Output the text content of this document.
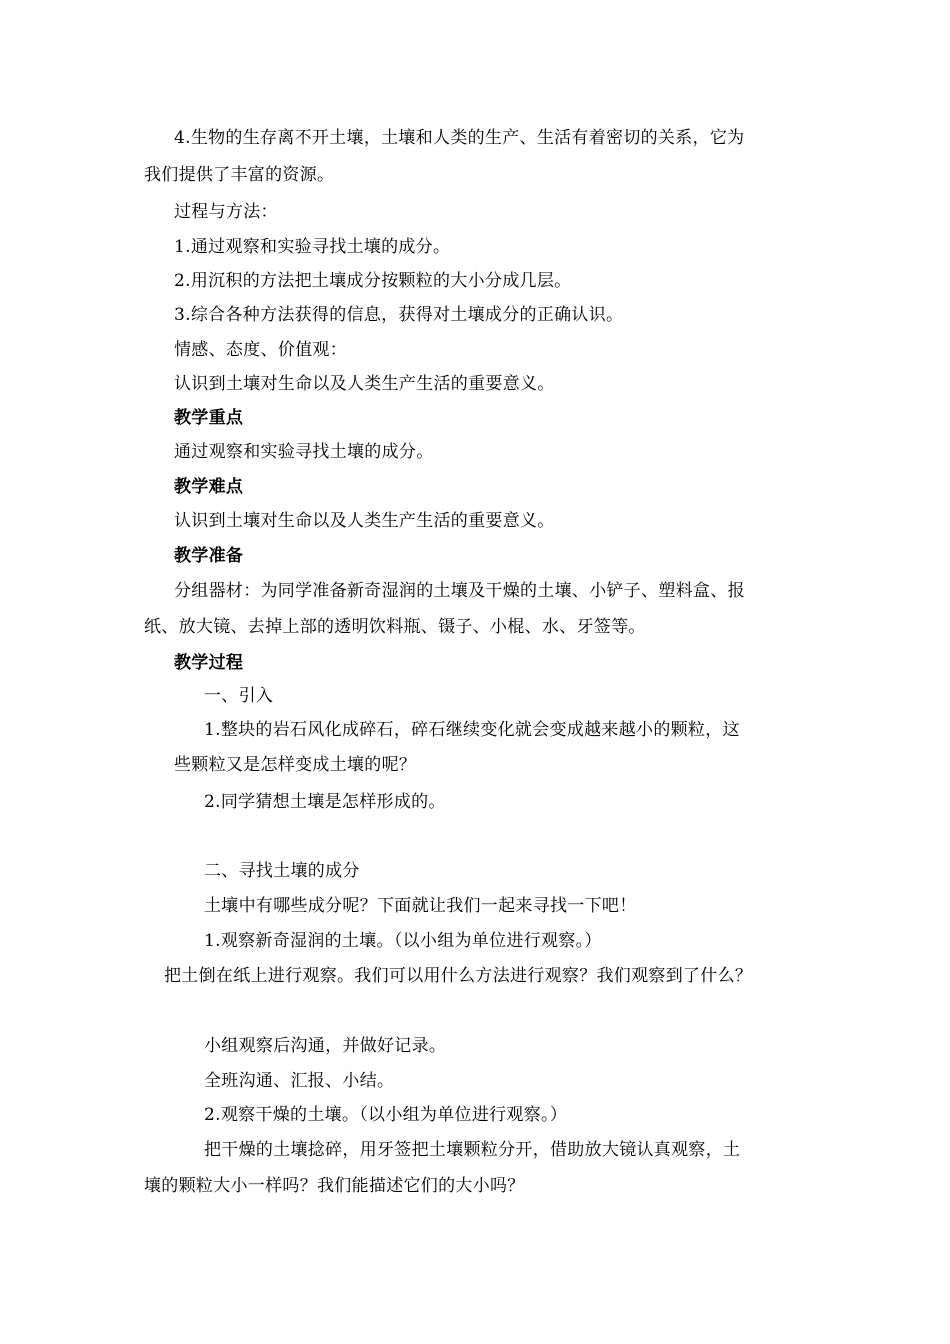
4.生物的生存离不开土壤，土壤和人类的生产、生活有着密切的关系，它为
我们提供了丰富的资源。
过程与方法：
1.通过观察和实验寻找土壤的成分。
2.用沉积的方法把土壤成分按颗粒的大小分成几层。
3.综合各种方法获得的信息，获得对土壤成分的正确认识。
情感、态度、价值观：
认识到土壤对生命以及人类生产生活的重要意义。
教学重点
通过观察和实验寻找土壤的成分。
教学难点
认识到土壤对生命以及人类生产生活的重要意义。
教学准备
分组器材：为同学准备新奇湿润的土壤及干燥的土壤、小铲子、塑料盒、报
纸、放大镜、去掉上部的透明饮料瓶、镊子、小棍、水、牙签等。
教学过程
一、引入
1.整块的岩石风化成碎石，碎石继续变化就会变成越来越小的颗粒，这
些颗粒又是怎样变成土壤的呢？
2.同学猜想土壤是怎样形成的。
二、寻找土壤的成分
土壤中有哪些成分呢？下面就让我们一起来寻找一下吧！
1.观察新奇湿润的土壤。（以小组为单位进行观察。）
把土倒在纸上进行观察。我们可以用什么方法进行观察？我们观察到了什么？
小组观察后沟通，并做好记录。
全班沟通、汇报、小结。
2.观察干燥的土壤。（以小组为单位进行观察。）
把干燥的土壤捻碎，用牙签把土壤颗粒分开，借助放大镜认真观察，土
壤的颗粒大小一样吗？我们能描述它们的大小吗？
